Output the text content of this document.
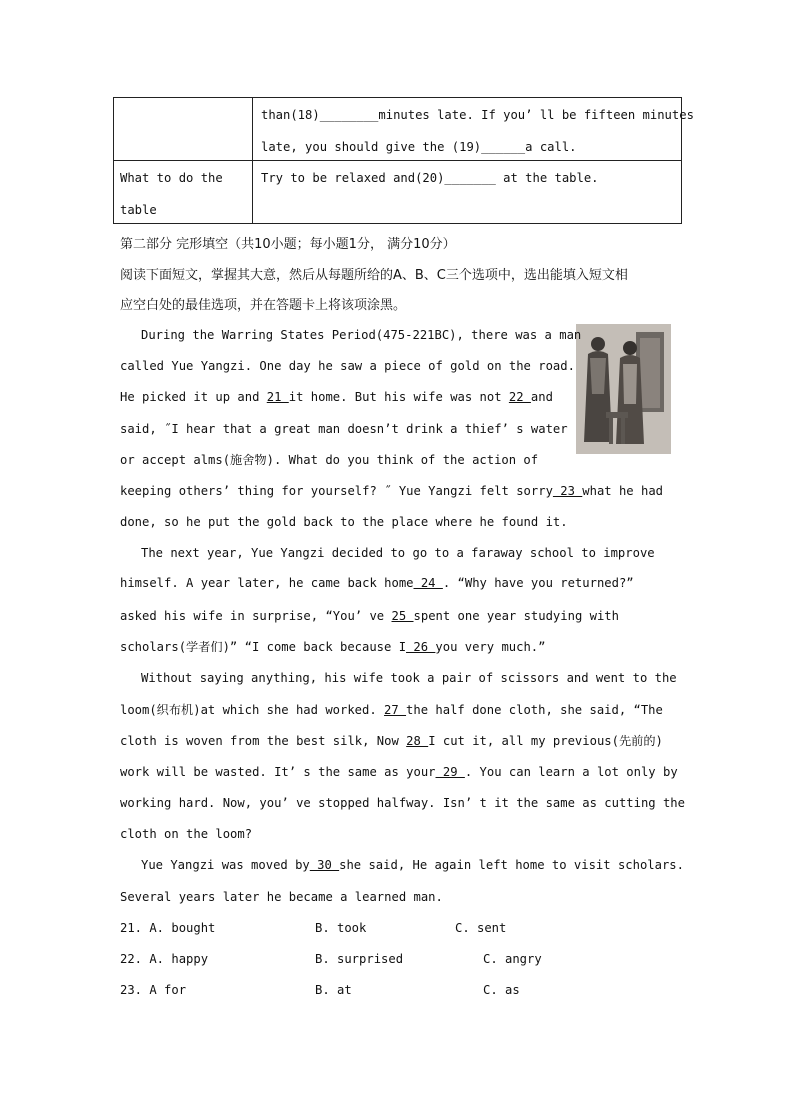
	than(18)________minutes late. If you’ ll be fifteen minutes
late, you should give the (19)______a call.

What to do the
table	Try to be relaxed and(20)_______ at the table.
第二部分 完形填空（共10小题；每小题1分， 满分10分）
阅读下面短文，掌握其大意，然后从每题所给的A、B、C三个选项中，选出能填入短文相
应空白处的最佳选项，并在答题卡上将该项涂黑。
During the Warring States Period(475-221BC), there was a man
called Yue Yangzi. One day he saw a piece of gold on the road.
He picked it up and 21 it home. But his wife was not 22 and
said, ˝I hear that a great man doesn’t drink a thief’ s water
or accept alms(施舍物). What do you think of the action of
keeping others’ thing for yourself? ˝ Yue Yangzi felt sorry 23 what he had
done, so he put the gold back to the place where he found it.
The next year, Yue Yangzi decided to go to a faraway school to improve
himself. A year later, he came back home 24 . “Why have you returned?”
asked his wife in surprise, “You’ ve 25 spent one year studying with
scholars(学者们)” “I come back because I 26 you very much.”
Without saying anything, his wife took a pair of scissors and went to the
loom(织布机)at which she had worked. 27 the half done cloth, she said, “The
cloth is woven from the best silk, Now 28 I cut it, all my previous(先前的)
work will be wasted. It’ s the same as your 29 . You can learn a lot only by
working hard. Now, you’ ve stopped halfway. Isn’ t it the same as cutting the
cloth on the loom?
Yue Yangzi was moved by 30 she said, He again left home to visit scholars.
Several years later he became a learned man.
21. A. bought	B. took	C. sent
22. A. happy	B. surprised	C. angry
23. A for	B. at	C. as
